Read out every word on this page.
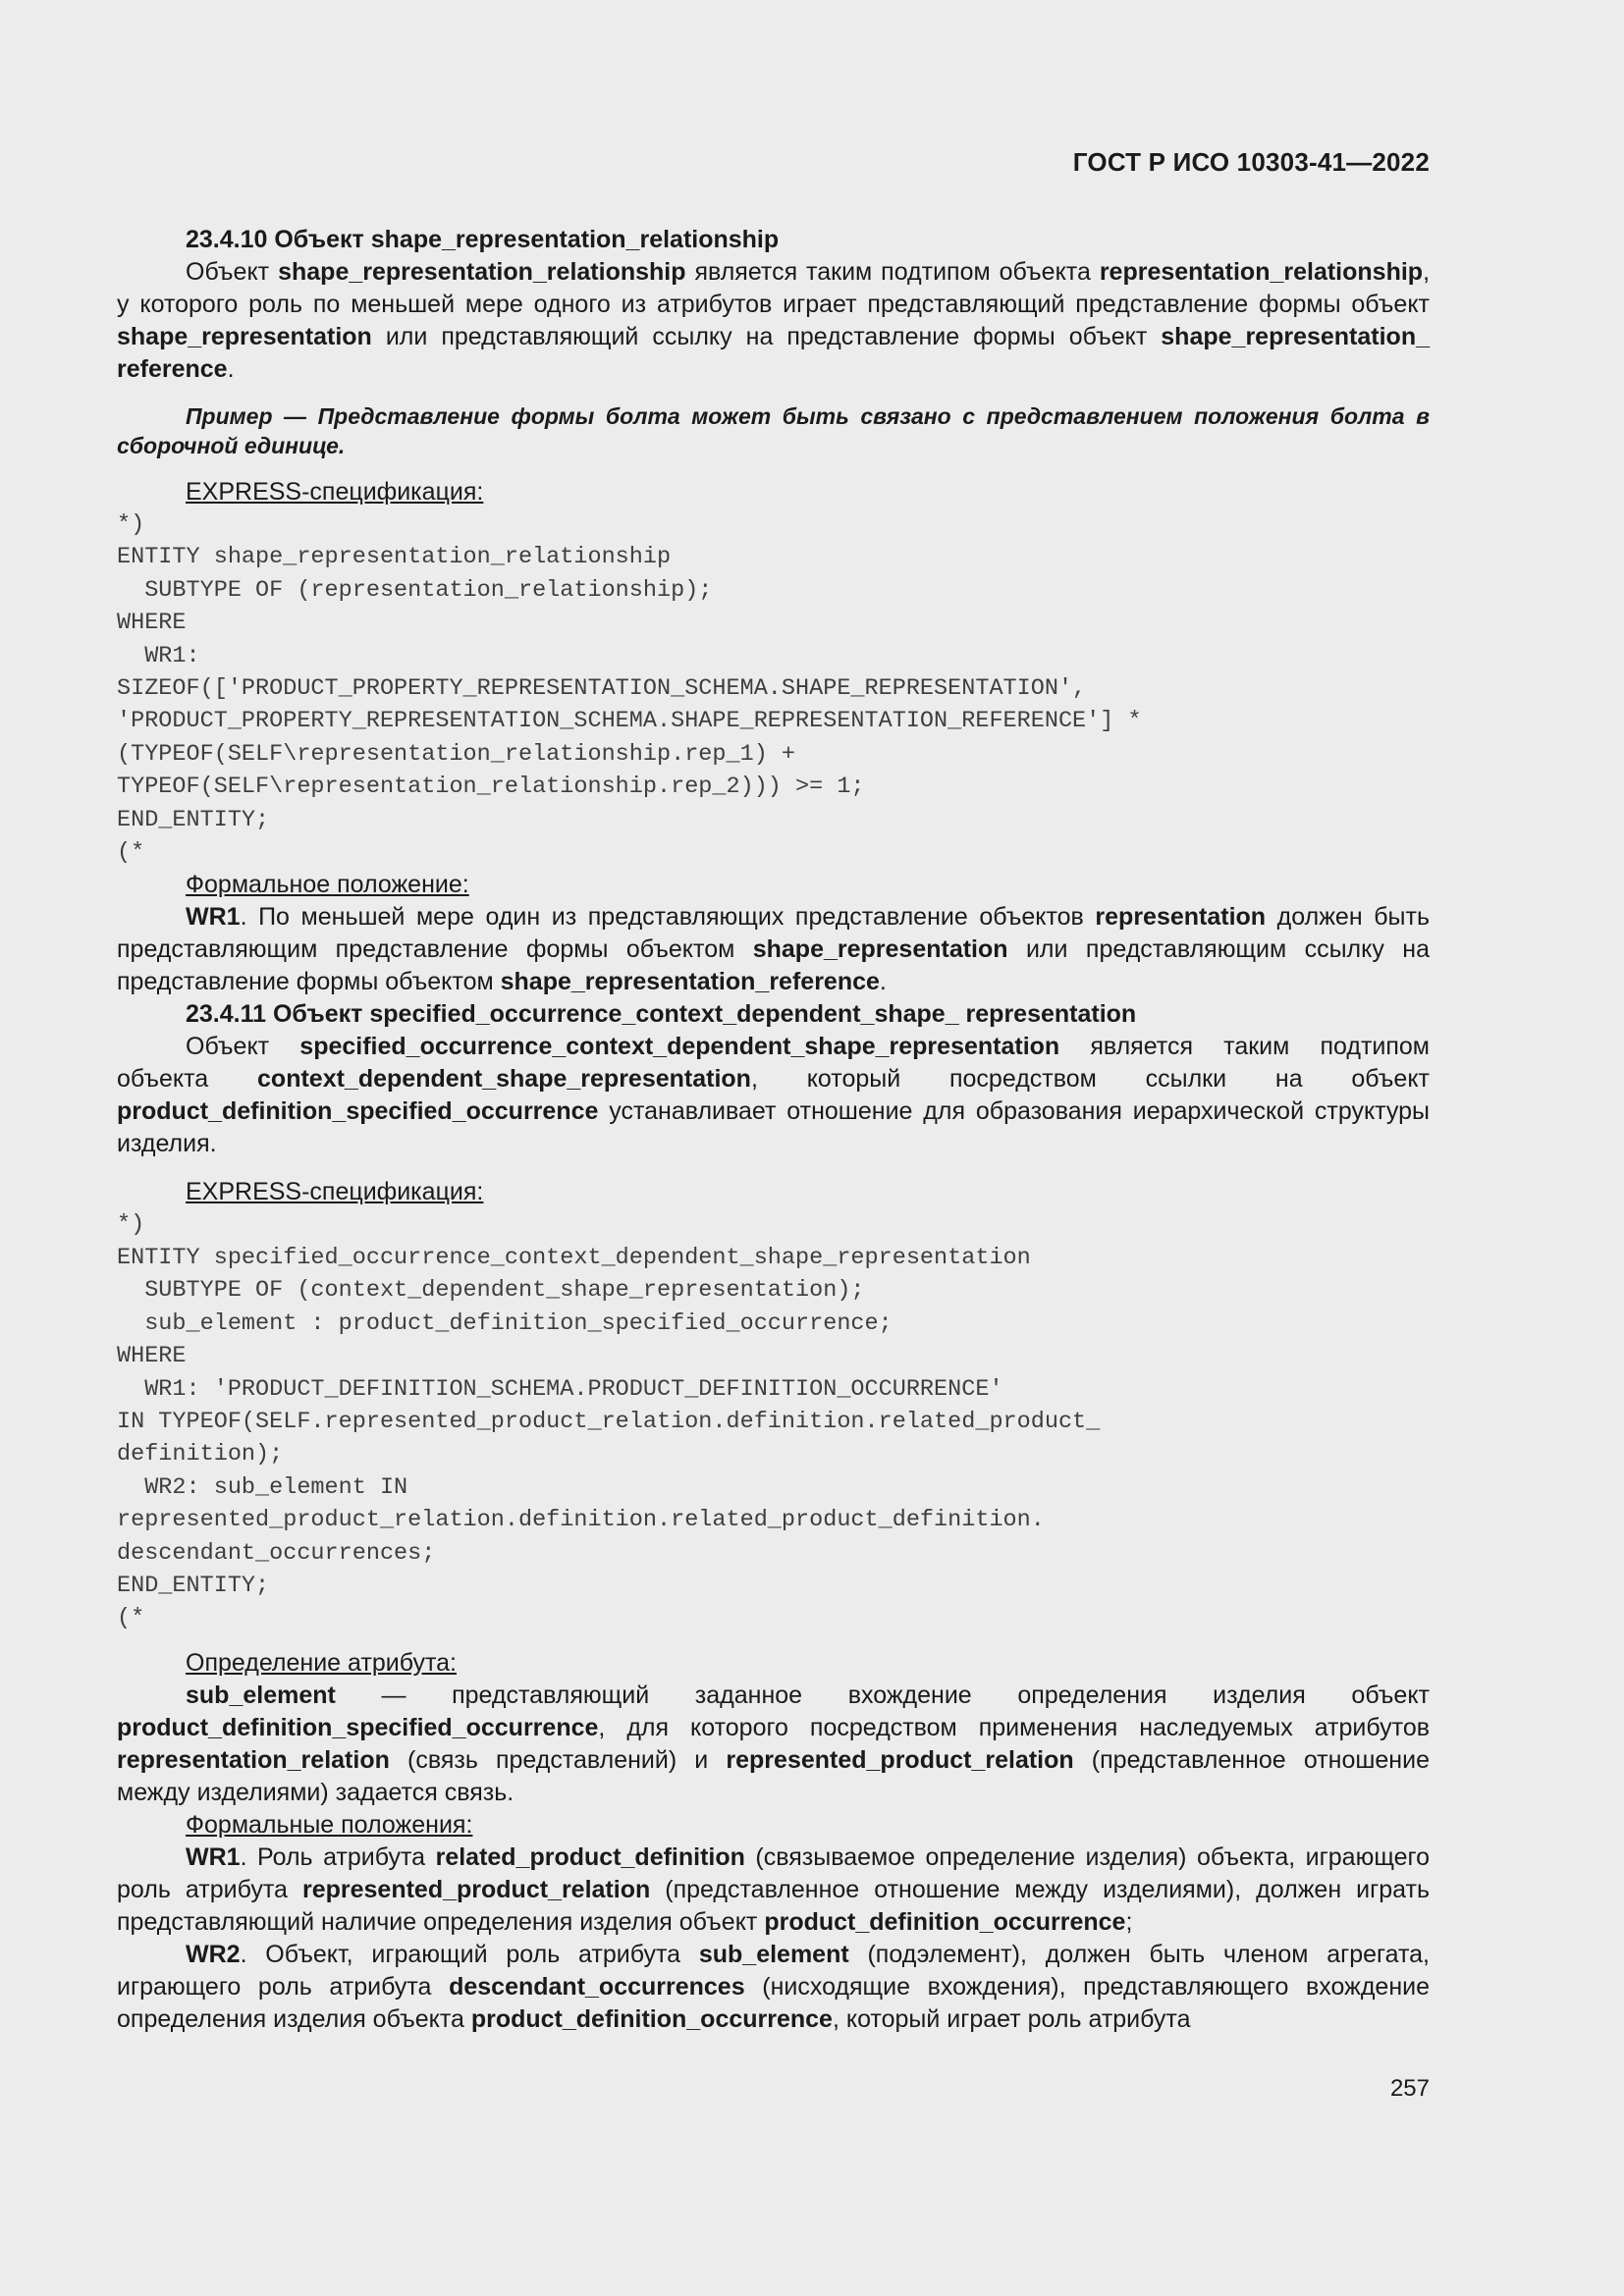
ГОСТ Р ИСО 10303-41—2022

23.4.10 Объект shape_representation_relationship

Объект shape_representation_relationship является таким подтипом объекта representation_relationship, у которого роль по меньшей мере одного из атрибутов играет представляющий представление формы объект shape_representation или представляющий ссылку на представление формы объект shape_representation_ reference.

Пример — Представление формы болта может быть связано с представлением положения болта в сборочной единице.

EXPRESS-спецификация:

*)
ENTITY shape_representation_relationship
SUBTYPE OF (representation_relationship);
WHERE
WR1:
SIZEOF(['PRODUCT_PROPERTY_REPRESENTATION_SCHEMA.SHAPE_REPRESENTATION',
'PRODUCT_PROPERTY_REPRESENTATION_SCHEMA.SHAPE_REPRESENTATION_REFERENCE'] *
(TYPEOF(SELF\representation_relationship.rep_1) +
TYPEOF(SELF\representation_relationship.rep_2))) >= 1;
END_ENTITY;
(*

Формальное положение:

WR1. По меньшей мере один из представляющих представление объектов representation должен быть представляющим представление формы объектом shape_representation или представляющим ссылку на представление формы объектом shape_representation_reference.

23.4.11 Объект specified_occurrence_context_dependent_shape_ representation

Объект specified_occurrence_context_dependent_shape_representation является таким подтипом объекта context_dependent_shape_representation, который посредством ссылки на объект product_definition_specified_occurrence устанавливает отношение для образования иерархической структуры изделия.

EXPRESS-спецификация:

*)
ENTITY specified_occurrence_context_dependent_shape_representation
SUBTYPE OF (context_dependent_shape_representation);
sub_element : product_definition_specified_occurrence;
WHERE
WR1: 'PRODUCT_DEFINITION_SCHEMA.PRODUCT_DEFINITION_OCCURRENCE'
IN TYPEOF(SELF.represented_product_relation.definition.related_product_
definition);
WR2: sub_element IN
represented_product_relation.definition.related_product_definition.
descendant_occurrences;
END_ENTITY;
(*

Определение атрибута:

sub_element — представляющий заданное вхождение определения изделия объект product_definition_specified_occurrence, для которого посредством применения наследуемых атрибутов representation_relation (связь представлений) и represented_product_relation (представленное отношение между изделиями) задается связь.

Формальные положения:

WR1. Роль атрибута related_product_definition (связываемое определение изделия) объекта, играющего роль атрибута represented_product_relation (представленное отношение между изделиями), должен играть представляющий наличие определения изделия объект product_definition_occurrence;

WR2. Объект, играющий роль атрибута sub_element (подэлемент), должен быть членом агрегата, играющего роль атрибута descendant_occurrences (нисходящие вхождения), представляющего вхождение определения изделия объекта product_definition_occurrence, который играет роль атрибута

257
